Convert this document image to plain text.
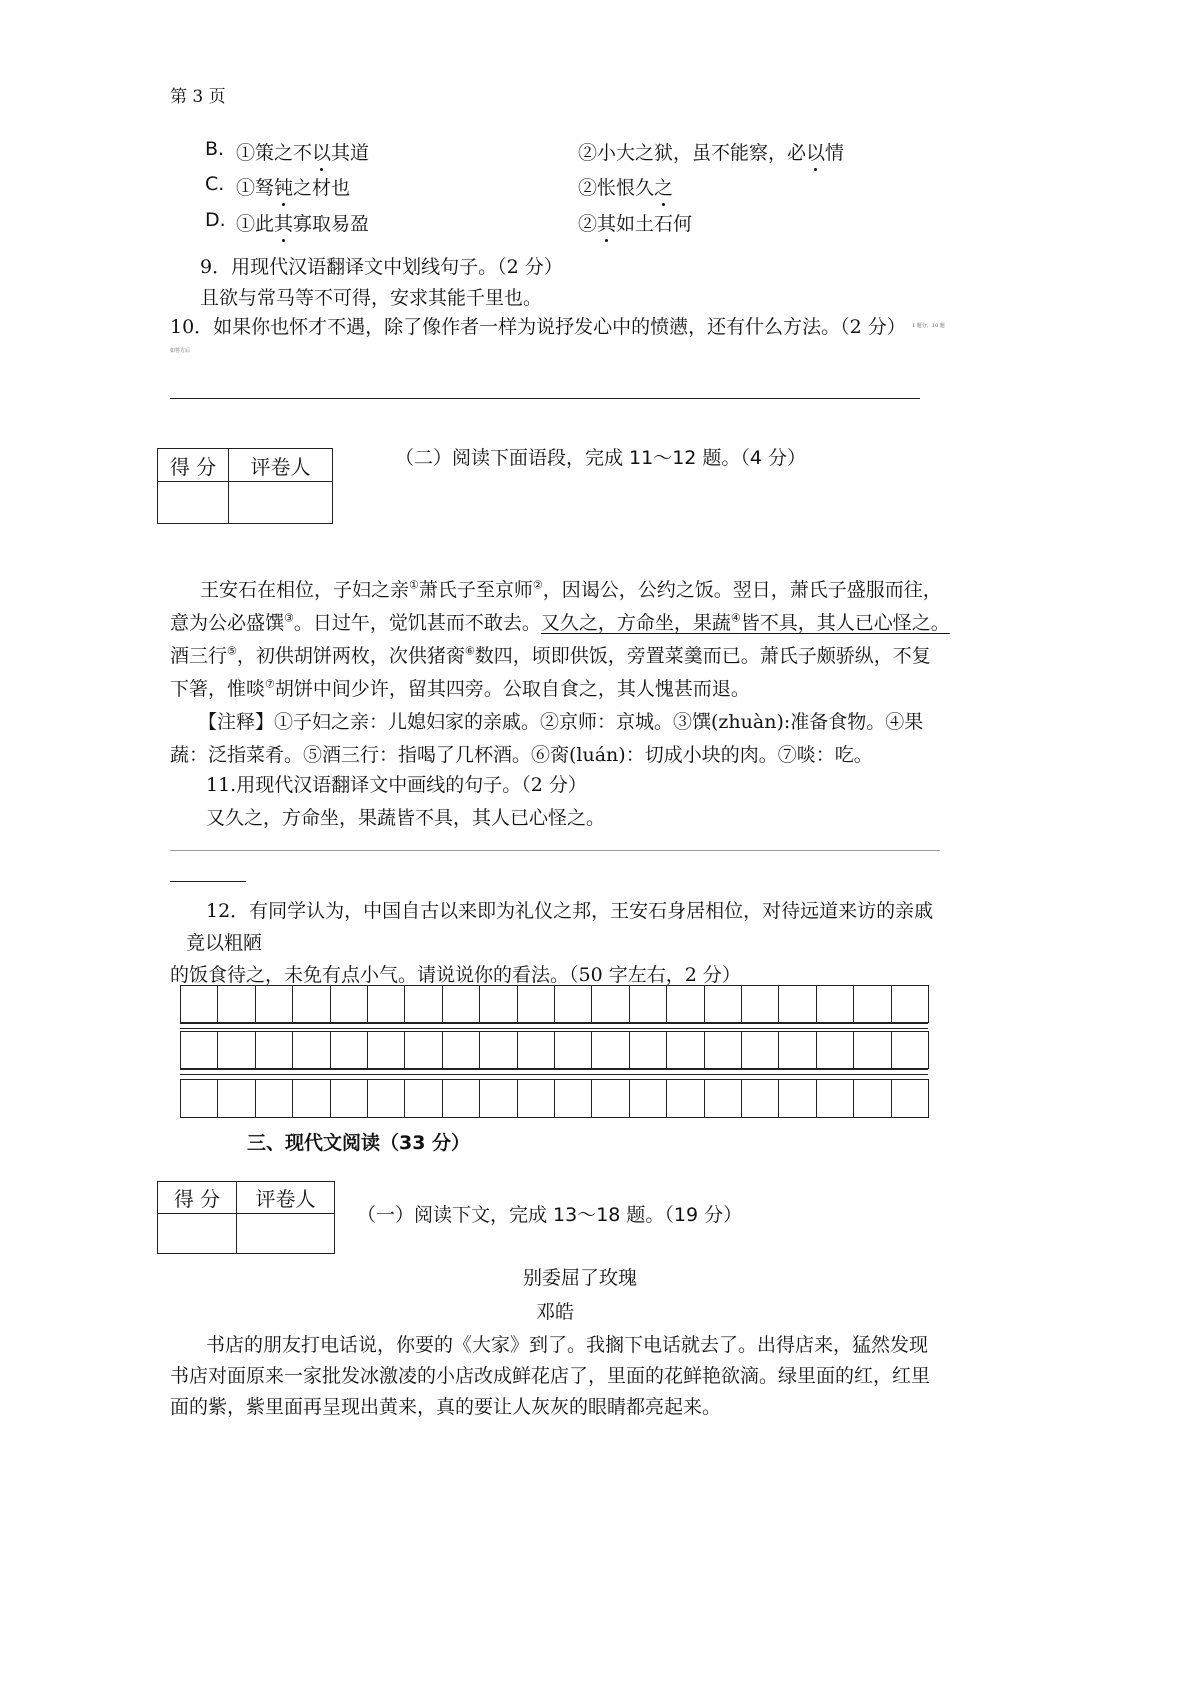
第 3 页
B. ①策之不以其道	②小大之狱，虽不能察，必以情
C. ①驽钝之材也	②怅恨久之
D. ①此其寡取易盈	②其如土石何
9．用现代汉语翻译文中划线句子。（2 分）
且欲与常马等不可得，安求其能千里也。
10．如果你也怀才不遇，除了像作者一样为说抒发心中的愤懑，还有什么方法。（2 分） 1 题分，10 题
如答方后
得 分	评卷人
		（二）阅读下面语段，完成 11～12 题。（4 分）
王安石在相位，子妇之亲①萧氏子至京师②，因谒公，公约之饭。翌日，萧氏子盛服而往，
意为公必盛馔③。日过午，觉饥甚而不敢去。又久之，方命坐，果蔬④皆不具，其人已心怪之。
酒三行⑤，初供胡饼两枚，次供猪脔⑥数四，顷即供饭，旁置菜羹而已。萧氏子颇骄纵，不复
下箸，惟啖⑦胡饼中间少许，留其四旁。公取自食之，其人愧甚而退。
【注释】①子妇之亲：儿媳妇家的亲戚。②京师：京城。③馔(zhuàn):准备食物。④果
蔬：泛指菜肴。⑤酒三行：指喝了几杯酒。⑥脔(luán)：切成小块的肉。⑦啖：吃。
11.用现代汉语翻译文中画线的句子。（2 分）
又久之，方命坐，果蔬皆不具，其人已心怪之。
12．有同学认为，中国自古以来即为礼仪之邦，王安石身居相位，对待远道来访的亲戚
竟以粗陋
的饭食待之，未免有点小气。请说说你的看法。（50 字左右，2 分）
三、现代文阅读（33 分）
得 分	评卷人

（一）阅读下文，完成 13～18 题。（19 分）
别委屈了玫瑰
邓皓
书店的朋友打电话说，你要的《大家》到了。我搁下电话就去了。出得店来，猛然发现
书店对面原来一家批发冰激凌的小店改成鲜花店了，里面的花鲜艳欲滴。绿里面的红，红里
面的紫，紫里面再呈现出黄来，真的要让人灰灰的眼睛都亮起来。
